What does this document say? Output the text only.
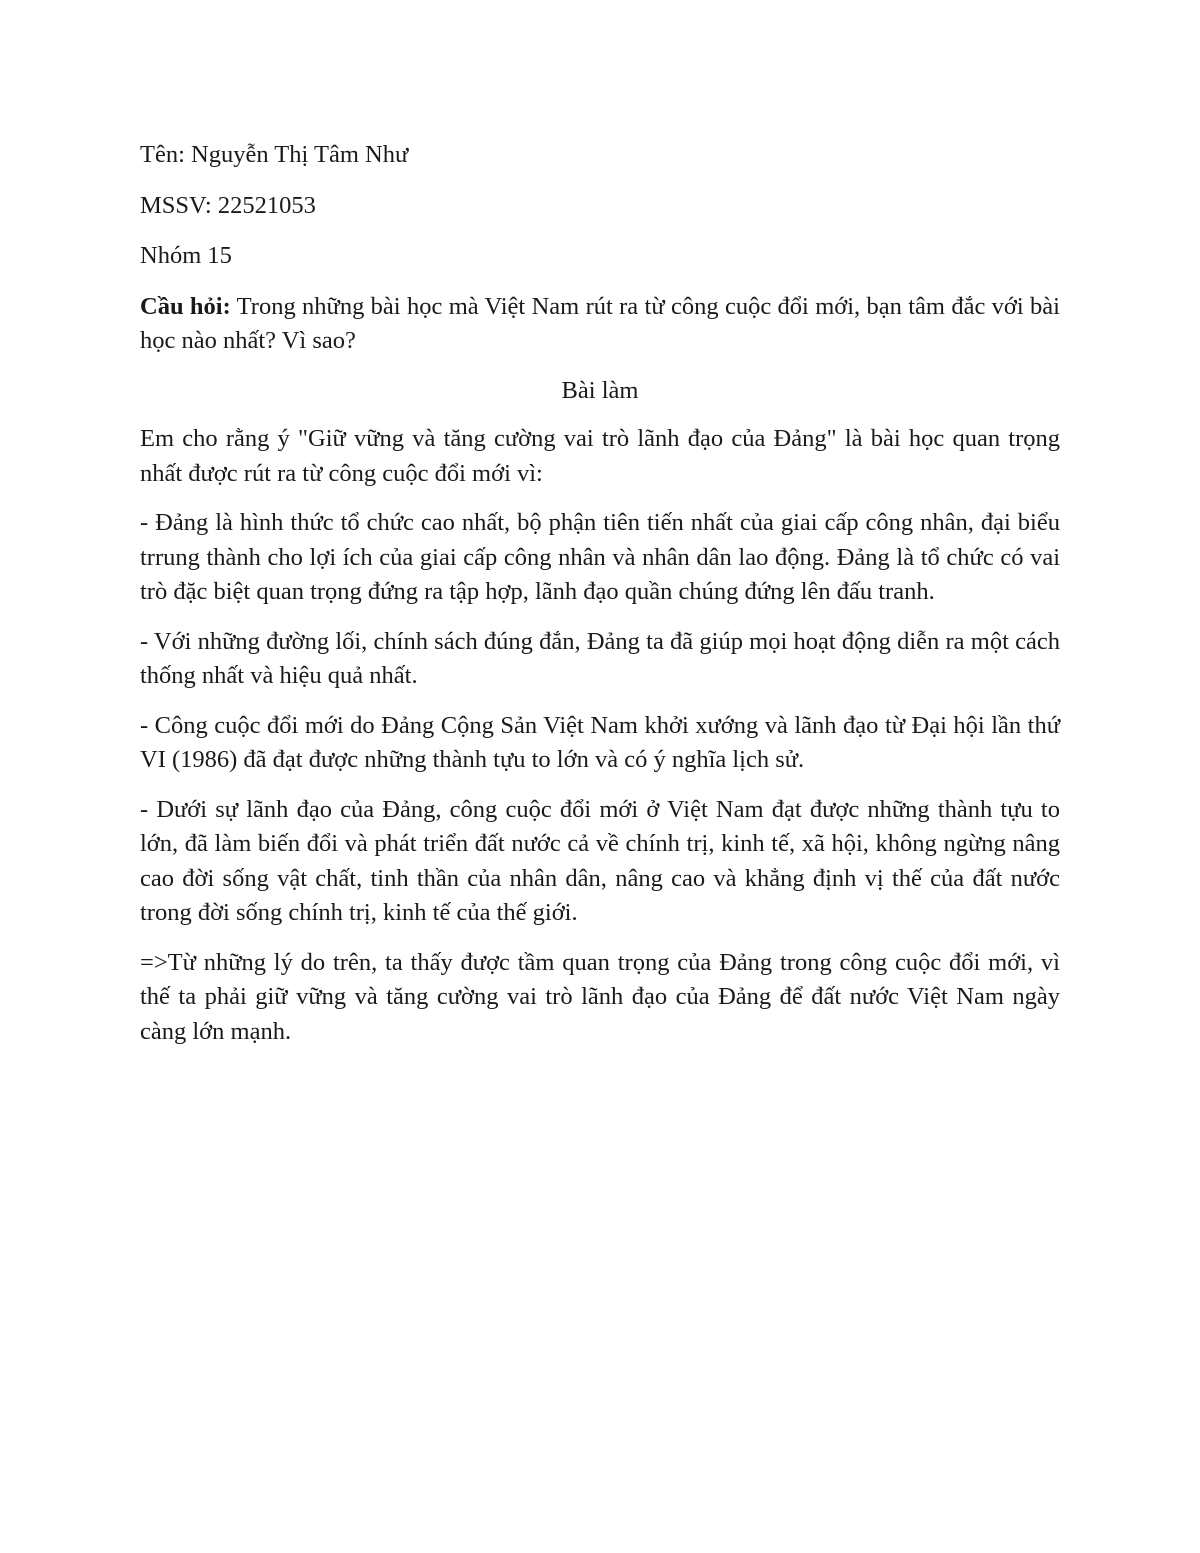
Tên: Nguyễn Thị Tâm Như

MSSV: 22521053

Nhóm 15

Cầu hỏi: Trong những bài học mà Việt Nam rút ra từ công cuộc đổi mới, bạn tâm đắc với bài học nào nhất? Vì sao?

Bài làm

Em cho rằng ý "Giữ vững và tăng cường vai trò lãnh đạo của Đảng" là bài học quan trọng nhất được rút ra từ công cuộc đổi mới vì:

- Đảng là hình thức tổ chức cao nhất, bộ phận tiên tiến nhất của giai cấp công nhân, đại biểu trrung thành cho lợi ích của giai cấp công nhân và nhân dân lao động. Đảng là tổ chức có vai trò đặc biệt quan trọng đứng ra tập hợp, lãnh đạo quần chúng đứng lên đấu tranh.

- Với những đường lối, chính sách đúng đắn, Đảng ta đã giúp mọi hoạt động diễn ra một cách thống nhất và hiệu quả nhất.

- Công cuộc đổi mới do Đảng Cộng Sản Việt Nam khởi xướng và lãnh đạo từ Đại hội lần thứ VI (1986) đã đạt được những thành tựu to lớn và có ý nghĩa lịch sử.

- Dưới sự lãnh đạo của Đảng, công cuộc đổi mới ở Việt Nam đạt được những thành tựu to lớn, đã làm biến đổi và phát triển đất nước cả về chính trị, kinh tế, xã hội, không ngừng nâng cao đời sống vật chất, tinh thần của nhân dân, nâng cao và khẳng định vị thế của đất nước trong đời sống chính trị, kinh tế của thế giới.

=>Từ những lý do trên, ta thấy được tầm quan trọng của Đảng trong công cuộc đổi mới, vì thế ta phải giữ vững và tăng cường vai trò lãnh đạo của Đảng để đất nước Việt Nam ngày càng lớn mạnh.
